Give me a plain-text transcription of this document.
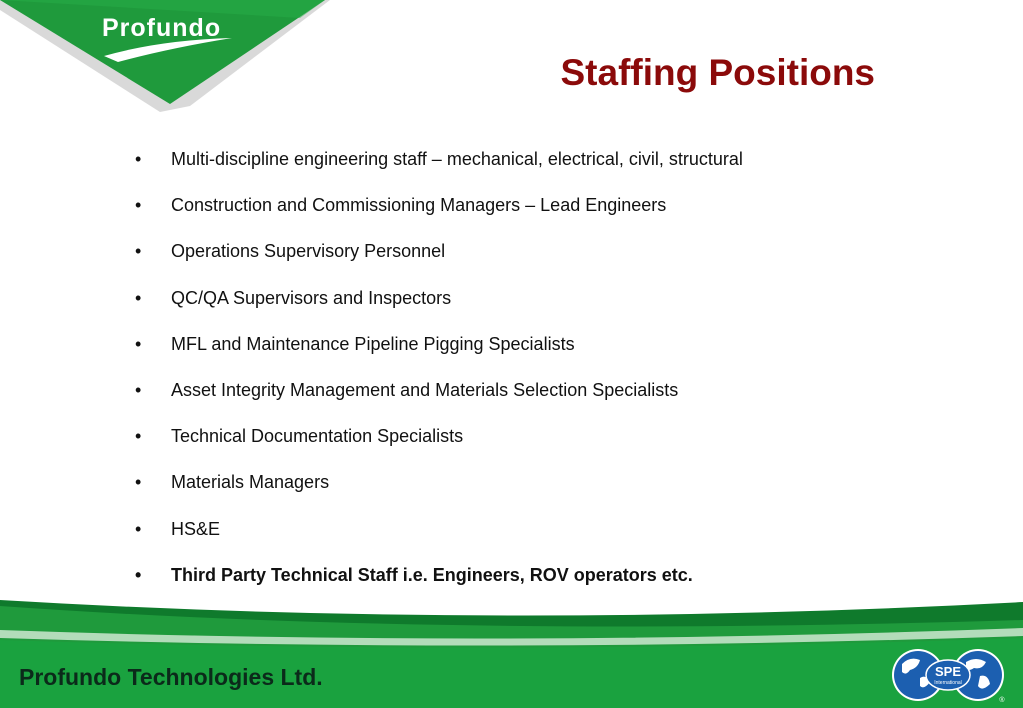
Profundo
Staffing Positions
• Multi-discipline engineering staff – mechanical, electrical, civil, structural
• Construction and Commissioning Managers – Lead Engineers
• Operations Supervisory Personnel
• QC/QA Supervisors and Inspectors
• MFL and Maintenance Pipeline Pigging Specialists
• Asset Integrity Management and Materials Selection Specialists
• Technical Documentation Specialists
• Materials Managers
• HS&E
• Third Party Technical Staff i.e. Engineers, ROV operators etc.
Profundo Technologies Ltd.	SPE
International
®
